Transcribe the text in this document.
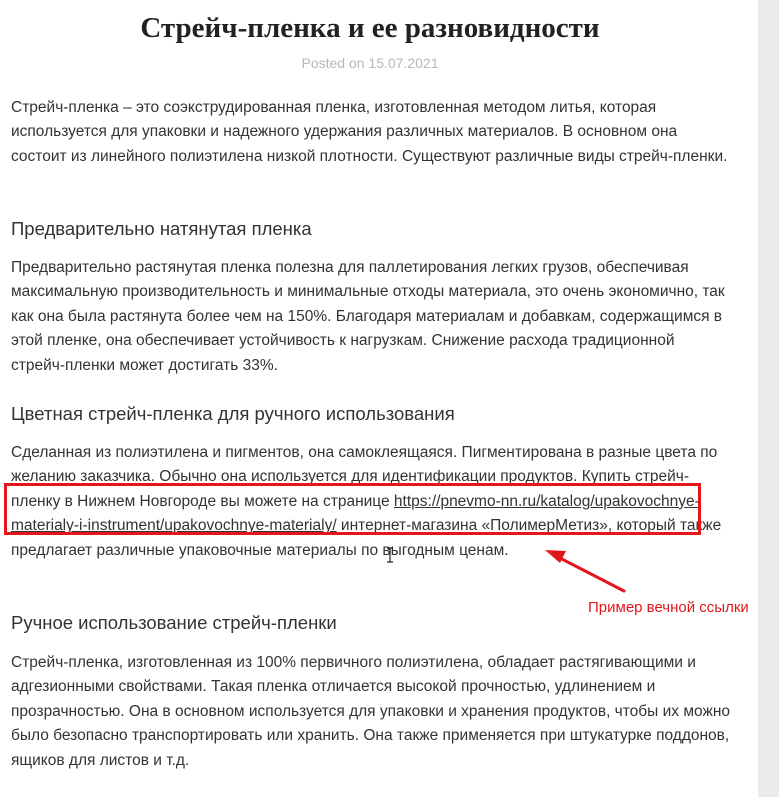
Стрейч-пленка и ее разновидности
Posted on 15.07.2021

Стрейч-пленка – это соэкструдированная пленка, изготовленная методом литья, которая используется для упаковки и надежного удержания различных материалов. В основном она состоит из линейного полиэтилена низкой плотности. Существуют различные виды стрейч-пленки.

Предварительно натянутая пленка

Предварительно растянутая пленка полезна для паллетирования легких грузов, обеспечивая максимальную производительность и минимальные отходы материала, это очень экономично, так как она была растянута более чем на 150%. Благодаря материалам и добавкам, содержащимся в этой пленке, она обеспечивает устойчивость к нагрузкам. Снижение расхода традиционной стрейч-пленки может достигать 33%.

Цветная стрейч-пленка для ручного использования

Сделанная из полиэтилена и пигментов, она самоклеящаяся. Пигментирована в разные цвета по желанию заказчика. Обычно она используется для идентификации продуктов. Купить стрейч-пленку в Нижнем Новгороде вы можете на странице https://pnevmo-nn.ru/katalog/upakovochnye-materialy-i-instrument/upakovochnye-materialy/ интернет-магазина «ПолимерМетиз», который также предлагает различные упаковочные материалы по выгодным ценам.

Пример вечной ссылки
Ручное использование стрейч-пленки

Стрейч-пленка, изготовленная из 100% первичного полиэтилена, обладает растягивающими и адгезионными свойствами. Такая пленка отличается высокой прочностью, удлинением и прозрачностью. Она в основном используется для упаковки и хранения продуктов, чтобы их можно было безопасно транспортировать или хранить. Она также применяется при штукатурке поддонов, ящиков для листов и т.д.
